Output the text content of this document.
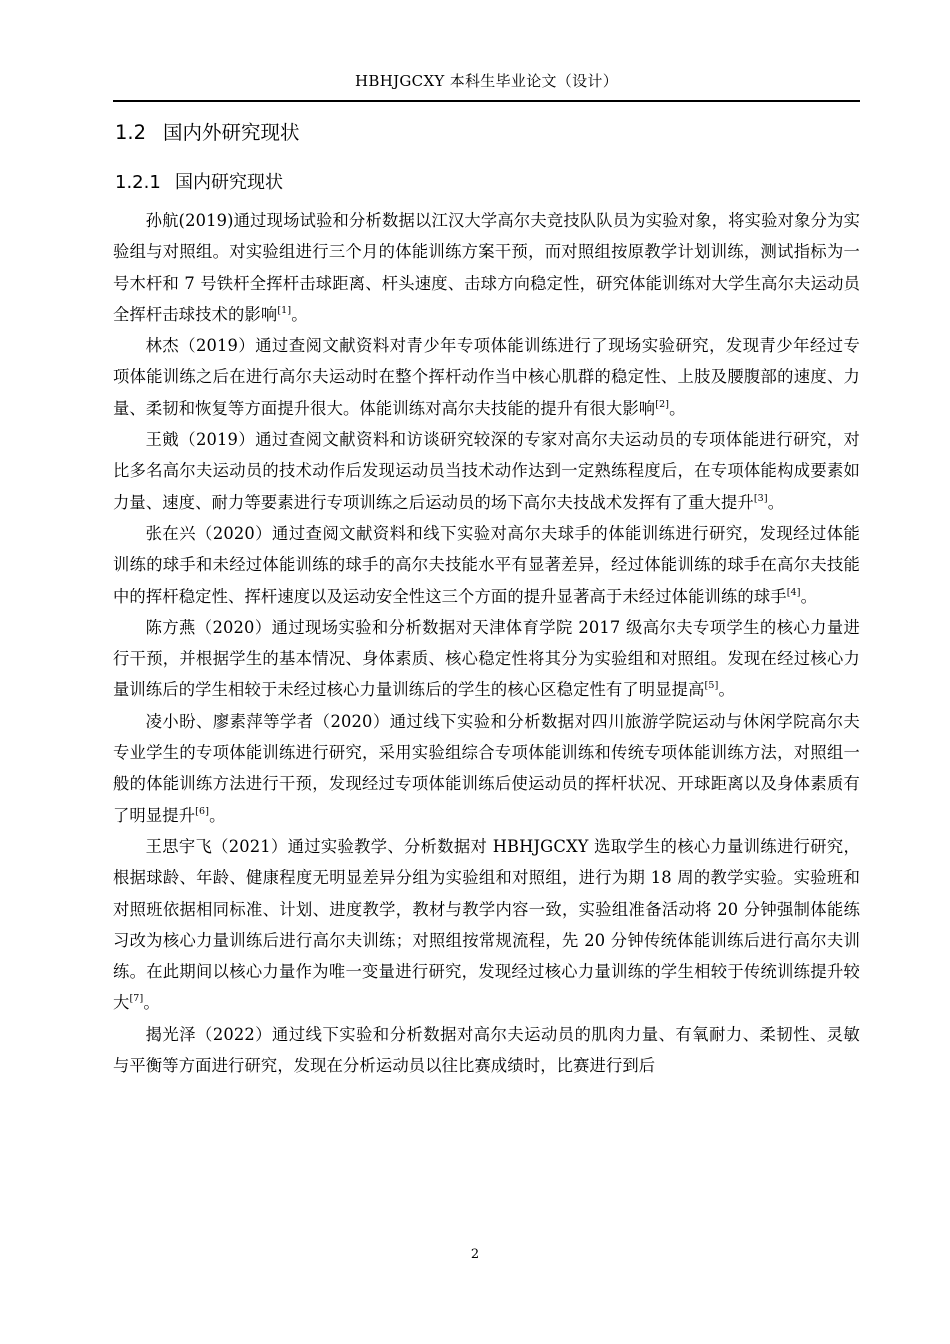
HBHJGCXY 本科生毕业论文（设计）
1.2 国内外研究现状
1.2.1 国内研究现状

孙航(2019)通过现场试验和分析数据以江汉大学高尔夫竞技队队员为实验对象，将实验对象分为实验组与对照组。对实验组进行三个月的体能训练方案干预，而对照组按原教学计划训练，测试指标为一号木杆和 7 号铁杆全挥杆击球距离、杆头速度、击球方向稳定性，研究体能训练对大学生高尔夫运动员全挥杆击球技术的影响[1]。

林杰（2019）通过查阅文献资料对青少年专项体能训练进行了现场实验研究，发现青少年经过专项体能训练之后在进行高尔夫运动时在整个挥杆动作当中核心肌群的稳定性、上肢及腰腹部的速度、力量、柔韧和恢复等方面提升很大。体能训练对高尔夫技能的提升有很大影响[2]。

王戭（2019）通过查阅文献资料和访谈研究较深的专家对高尔夫运动员的专项体能进行研究，对比多名高尔夫运动员的技术动作后发现运动员当技术动作达到一定熟练程度后，在专项体能构成要素如力量、速度、耐力等要素进行专项训练之后运动员的场下高尔夫技战术发挥有了重大提升[3]。

张在兴（2020）通过查阅文献资料和线下实验对高尔夫球手的体能训练进行研究，发现经过体能训练的球手和未经过体能训练的球手的高尔夫技能水平有显著差异，经过体能训练的球手在高尔夫技能中的挥杆稳定性、挥杆速度以及运动安全性这三个方面的提升显著高于未经过体能训练的球手[4]。

陈方燕（2020）通过现场实验和分析数据对天津体育学院 2017 级高尔夫专项学生的核心力量进行干预，并根据学生的基本情况、身体素质、核心稳定性将其分为实验组和对照组。发现在经过核心力量训练后的学生相较于未经过核心力量训练后的学生的核心区稳定性有了明显提高[5]。

凌小盼、廖素萍等学者（2020）通过线下实验和分析数据对四川旅游学院运动与休闲学院高尔夫专业学生的专项体能训练进行研究，采用实验组综合专项体能训练和传统专项体能训练方法，对照组一般的体能训练方法进行干预，发现经过专项体能训练后使运动员的挥杆状况、开球距离以及身体素质有了明显提升[6]。

王思宇飞（2021）通过实验教学、分析数据对 HBHJGCXY 选取学生的核心力量训练进行研究，根据球龄、年龄、健康程度无明显差异分组为实验组和对照组，进行为期 18 周的教学实验。实验班和对照班依据相同标准、计划、进度教学，教材与教学内容一致，实验组准备活动将 20 分钟强制体能练习改为核心力量训练后进行高尔夫训练；对照组按常规流程，先 20 分钟传统体能训练后进行高尔夫训练。在此期间以核心力量作为唯一变量进行研究，发现经过核心力量训练的学生相较于传统训练提升较大[7]。

揭光泽（2022）通过线下实验和分析数据对高尔夫运动员的肌肉力量、有氧耐力、柔韧性、灵敏与平衡等方面进行研究，发现在分析运动员以往比赛成绩时，比赛进行到后

2
